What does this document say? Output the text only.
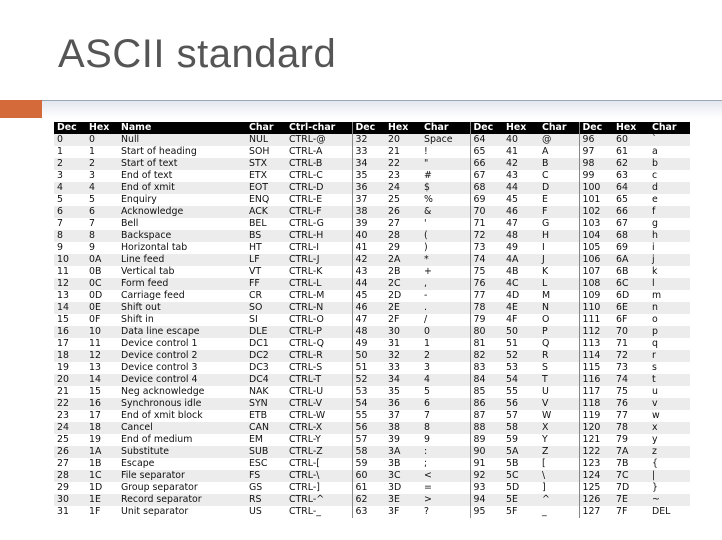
ASCII standard
Dec	Hex	Name	Char	Ctrl-char	Dec	Hex	Char	Dec	Hex	Char	Dec	Hex	Char
0	0	Null	NUL	CTRL-@	32	20	Space	64	40	@	96	60	`
1	1	Start of heading	SOH	CTRL-A	33	21	!	65	41	A	97	61	a
2	2	Start of text	STX	CTRL-B	34	22	"	66	42	B	98	62	b
3	3	End of text	ETX	CTRL-C	35	23	#	67	43	C	99	63	c
4	4	End of xmit	EOT	CTRL-D	36	24	$	68	44	D	100	64	d
5	5	Enquiry	ENQ	CTRL-E	37	25	%	69	45	E	101	65	e
6	6	Acknowledge	ACK	CTRL-F	38	26	&	70	46	F	102	66	f
7	7	Bell	BEL	CTRL-G	39	27	'	71	47	G	103	67	g
8	8	Backspace	BS	CTRL-H	40	28	(	72	48	H	104	68	h
9	9	Horizontal tab	HT	CTRL-I	41	29	)	73	49	I	105	69	i
10	0A	Line feed	LF	CTRL-J	42	2A	*	74	4A	J	106	6A	j
11	0B	Vertical tab	VT	CTRL-K	43	2B	+	75	4B	K	107	6B	k
12	0C	Form feed	FF	CTRL-L	44	2C	,	76	4C	L	108	6C	l
13	0D	Carriage feed	CR	CTRL-M	45	2D	-	77	4D	M	109	6D	m
14	0E	Shift out	SO	CTRL-N	46	2E	.	78	4E	N	110	6E	n
15	0F	Shift in	SI	CTRL-O	47	2F	/	79	4F	O	111	6F	o
16	10	Data line escape	DLE	CTRL-P	48	30	0	80	50	P	112	70	p
17	11	Device control 1	DC1	CTRL-Q	49	31	1	81	51	Q	113	71	q
18	12	Device control 2	DC2	CTRL-R	50	32	2	82	52	R	114	72	r
19	13	Device control 3	DC3	CTRL-S	51	33	3	83	53	S	115	73	s
20	14	Device control 4	DC4	CTRL-T	52	34	4	84	54	T	116	74	t
21	15	Neg acknowledge	NAK	CTRL-U	53	35	5	85	55	U	117	75	u
22	16	Synchronous idle	SYN	CTRL-V	54	36	6	86	56	V	118	76	v
23	17	End of xmit block	ETB	CTRL-W	55	37	7	87	57	W	119	77	w
24	18	Cancel	CAN	CTRL-X	56	38	8	88	58	X	120	78	x
25	19	End of medium	EM	CTRL-Y	57	39	9	89	59	Y	121	79	y
26	1A	Substitute	SUB	CTRL-Z	58	3A	:	90	5A	Z	122	7A	z
27	1B	Escape	ESC	CTRL-[	59	3B	;	91	5B	[	123	7B	{
28	1C	File separator	FS	CTRL-\	60	3C	<	92	5C	\	124	7C	|
29	1D	Group separator	GS	CTRL-]	61	3D	=	93	5D	]	125	7D	}
30	1E	Record separator	RS	CTRL-^	62	3E	>	94	5E	^	126	7E	~
31	1F	Unit separator	US	CTRL-_	63	3F	?	95	5F	_	127	7F	DEL
